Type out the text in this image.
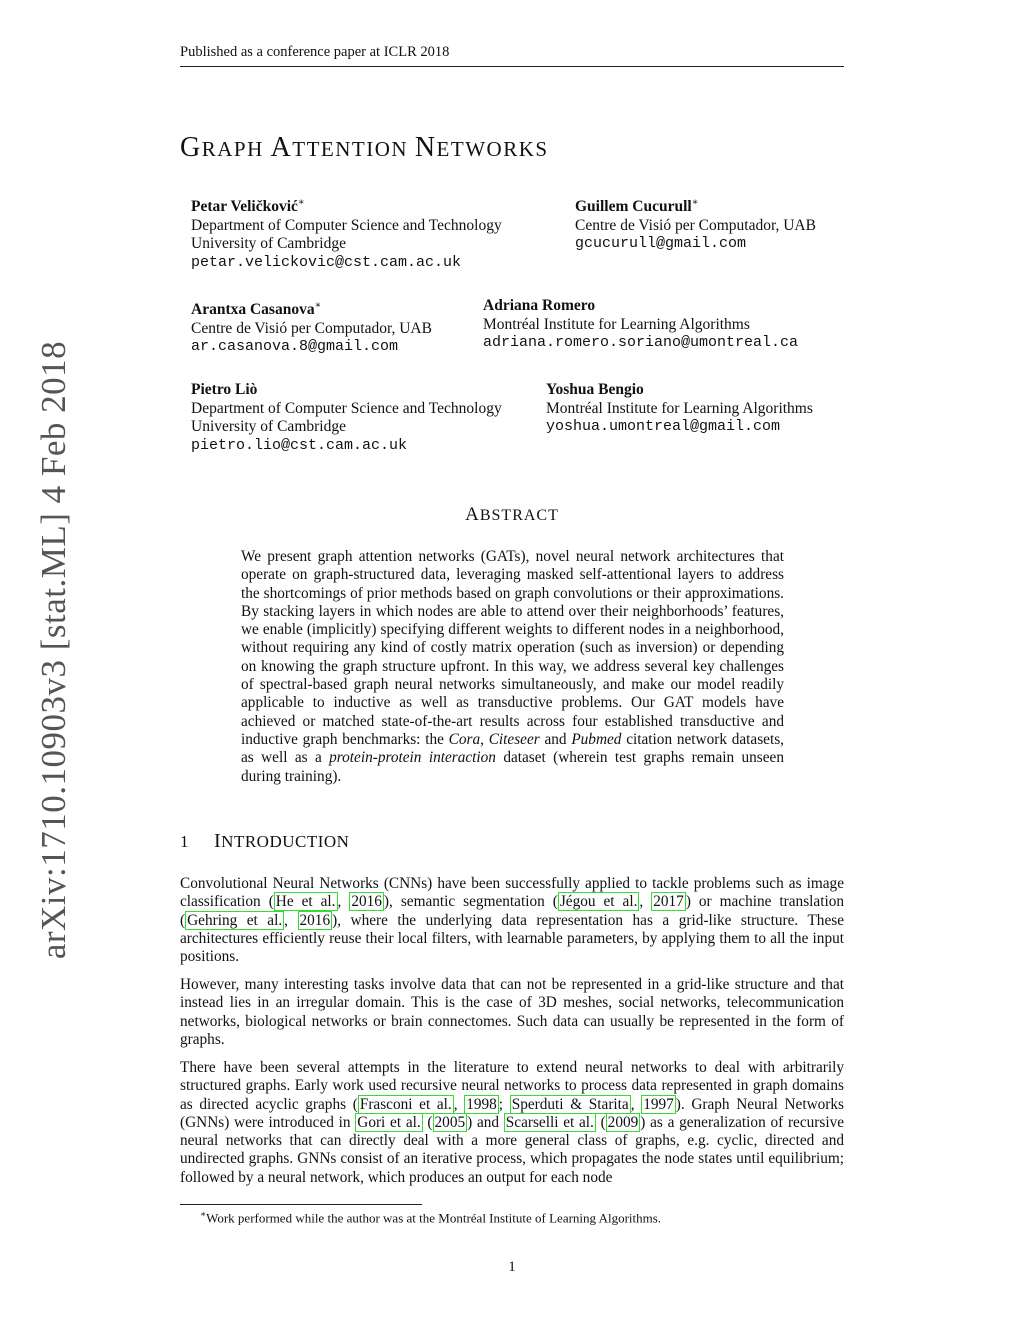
Published as a conference paper at ICLR 2018
GRAPH ATTENTION NETWORKS
arXiv:1710.10903v3 [stat.ML] 4 Feb 2018
Petar Veličković∗
Department of Computer Science and Technology
University of Cambridge
petar.velickovic@cst.cam.ac.uk
Guillem Cucurull∗
Centre de Visió per Computador, UAB
gcucurull@gmail.com
Arantxa Casanova∗
Centre de Visió per Computador, UAB
ar.casanova.8@gmail.com
Adriana Romero
Montréal Institute for Learning Algorithms
adriana.romero.soriano@umontreal.ca
Pietro Liò
Department of Computer Science and Technology
University of Cambridge
pietro.lio@cst.cam.ac.uk
Yoshua Bengio
Montréal Institute for Learning Algorithms
yoshua.umontreal@gmail.com
ABSTRACT
We present graph attention networks (GATs), novel neural network architectures that operate on graph-structured data, leveraging masked self-attentional layers to address the shortcomings of prior methods based on graph convolutions or their approximations. By stacking layers in which nodes are able to attend over their neighborhoods’ features, we enable (implicitly) specifying different weights to different nodes in a neighborhood, without requiring any kind of costly matrix operation (such as inversion) or depending on knowing the graph structure upfront. In this way, we address several key challenges of spectral-based graph neural networks simultaneously, and make our model readily applicable to inductive as well as transductive problems. Our GAT models have achieved or matched state-of-the-art results across four established transductive and inductive graph benchmarks: the Cora, Citeseer and Pubmed citation network datasets, as well as a protein-protein interaction dataset (wherein test graphs remain unseen during training).
1 INTRODUCTION
Convolutional Neural Networks (CNNs) have been successfully applied to tackle problems such as image classification ( He et al. , 2016 ), semantic segmentation ( Jégou et al. , 2017 ) or machine translation ( Gehring et al. , 2016 ), where the underlying data representation has a grid-like structure. These architectures efficiently reuse their local filters, with learnable parameters, by applying them to all the input positions.
However, many interesting tasks involve data that can not be represented in a grid-like structure and that instead lies in an irregular domain. This is the case of 3D meshes, social networks, telecommunication networks, biological networks or brain connectomes. Such data can usually be represented in the form of graphs.
There have been several attempts in the literature to extend neural networks to deal with arbitrarily structured graphs. Early work used recursive neural networks to process data represented in graph domains as directed acyclic graphs ( Frasconi et al. , 1998 ; Sperduti & Starita , 1997 ). Graph Neural Networks (GNNs) were introduced in Gori et al. ( 2005 ) and Scarselli et al. ( 2009 ) as a generalization of recursive neural networks that can directly deal with a more general class of graphs, e.g. cyclic, directed and undirected graphs. GNNs consist of an iterative process, which propagates the node states until equilibrium; followed by a neural network, which produces an output for each node
∗Work performed while the author was at the Montréal Institute of Learning Algorithms.
1
